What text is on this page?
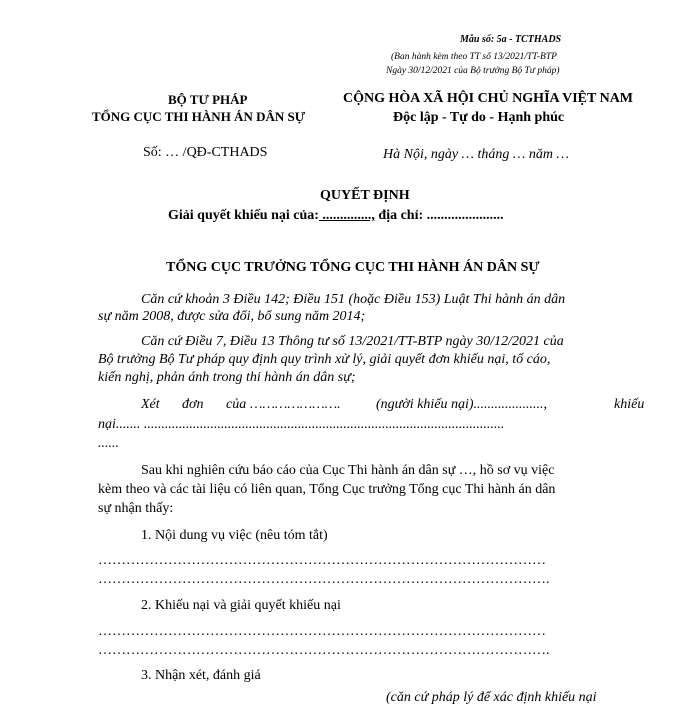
Mẫu số: 5a - TCTHADS
(Ban hành kèm theo TT số 13/2021/TT-BTP
Ngày 30/12/2021 của Bộ trưởng Bộ Tư pháp)
BỘ TƯ PHÁP
TỔNG CỤC THI HÀNH ÁN DÂN SỰ
Số: … /QĐ-CTHADS
CỘNG HÒA XÃ HỘI CHỦ NGHĨA VIỆT NAM
Độc lập - Tự do - Hạnh phúc
Hà Nội, ngày … tháng … năm …
QUYẾT ĐỊNH
Giải quyết khiếu nại của: .............., địa chỉ: ......................
TỔNG CỤC TRƯỞNG TỔNG CỤC THI HÀNH ÁN DÂN SỰ
Căn cứ khoản 3 Điều 142; Điều 151 (hoặc Điều 153) Luật Thi hành án dân
sự năm 2008, được sửa đổi, bổ sung năm 2014;
Căn cứ Điều 7, Điều 13 Thông tư số 13/2021/TT-BTP ngày 30/12/2021 của
Bộ trưởng Bộ Tư pháp quy định quy trình xử lý, giải quyết đơn khiếu nại, tố cáo,
kiến nghị, phản ánh trong thi hành án dân sự;
Xét đơn của ………………….	(người khiếu nại)....................,	khiếu
nại....... .......................................................................................................
......
Sau khi nghiên cứu báo cáo của Cục Thi hành án dân sự …, hồ sơ vụ việc
kèm theo và các tài liệu có liên quan, Tổng Cục trưởng Tổng cục Thi hành án dân
sự nhận thấy:
1. Nội dung vụ việc (nêu tóm tắt)
……………………………………………………………………………………
…………………………………………………………………………………….
2. Khiếu nại và giải quyết khiếu nại
……………………………………………………………………………………
…………………………………………………………………………………….
3. Nhận xét, đánh giá
(căn cứ pháp lý để xác định khiếu nại
